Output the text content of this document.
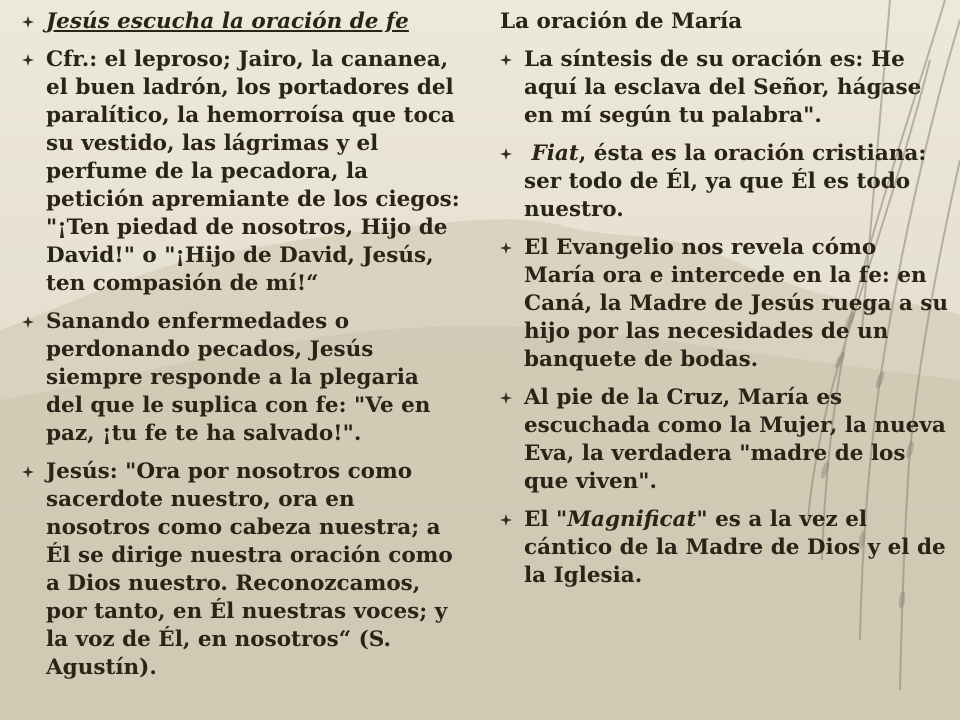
Jesús escucha la oración de fe
Cfr.: el leproso; Jairo, la cananea, el buen ladrón, los portadores del paralítico, la hemorroísa que toca su vestido, las lágrimas y el perfume de la pecadora, la petición apremiante de los ciegos: "¡Ten piedad de nosotros, Hijo de David!" o "¡Hijo de David, Jesús, ten compasión de mí!“
Sanando enfermedades o perdonando pecados, Jesús siempre responde a la plegaria del que le suplica con fe: "Ve en paz, ¡tu fe te ha salvado!".
Jesús: "Ora por nosotros como sacerdote nuestro, ora en nosotros como cabeza nuestra; a Él se dirige nuestra oración como a Dios nuestro. Reconozcamos, por tanto, en Él nuestras voces; y la voz de Él, en nosotros“ (S. Agustín).
La oración de María
La síntesis de su oración es: He aquí la esclava del Señor, hágase en mí según tu palabra".
Fiat, ésta es la oración cristiana: ser todo de Él, ya que Él es todo nuestro.
El Evangelio nos revela cómo María ora e intercede en la fe: en Caná, la Madre de Jesús ruega a su hijo por las necesidades de un banquete de bodas.
Al pie de la Cruz, María es escuchada como la Mujer, la nueva Eva, la verdadera "madre de los que viven".
El "Magnificat" es a la vez el cántico de la Madre de Dios y el de la Iglesia.
